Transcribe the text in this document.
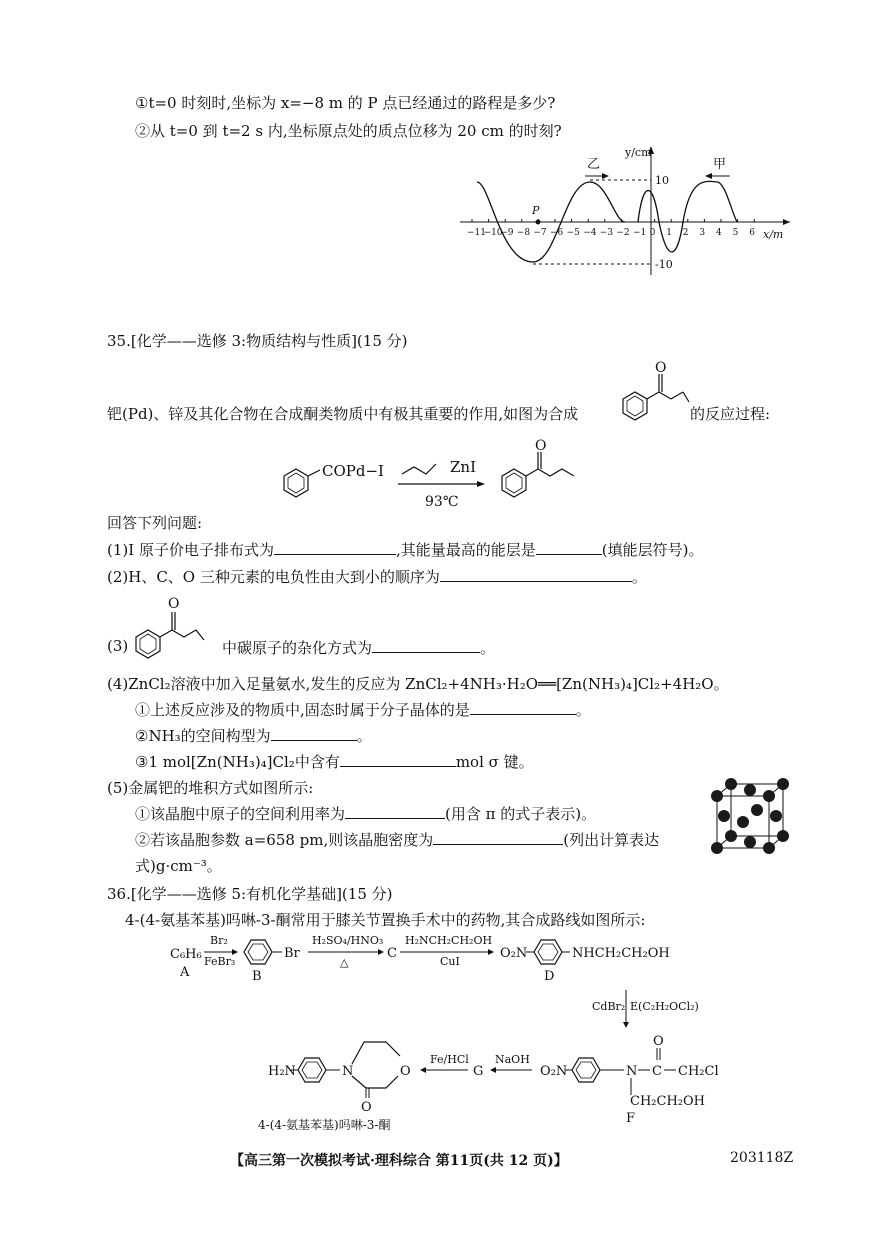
①t=0 时刻时,坐标为 x=−8 m 的 P 点已经通过的路程是多少?
②从 t=0 到 t=2 s 内,坐标原点处的质点位移为 20 cm 的时刻?
−11
−10
−9 −8 −7 −6 −5 −4 −3 −2 −1 0 1 2 3 4 5 6
y/cm
x/m
10
-10
P
乙	甲
35.[化学——选修 3:物质结构与性质](15 分)
钯(Pd)、锌及其化合物在合成酮类物质中有极其重要的作用,如图为合成
O
的反应过程:
COPd−I	ZnI
93℃
O
回答下列问题:
(1)I 原子价电子排布式为	,其能量最高的能层是	(填能层符号)。
(2)H、C、O 三种元素的电负性由大到小的顺序为	。
(3)
O
中碳原子的杂化方式为	。
(4)ZnCl₂溶液中加入足量氨水,发生的反应为 ZnCl₂+4NH₃·H₂O══[Zn(NH₃)₄]Cl₂+4H₂O。
①上述反应涉及的物质中,固态时属于分子晶体的是	。
②NH₃的空间构型为	。
③1 mol[Zn(NH₃)₄]Cl₂中含有	mol σ 键。
(5)金属钯的堆积方式如图所示:
①该晶胞中原子的空间利用率为	(用含 π 的式子表示)。
②若该晶胞参数 a=658 pm,则该晶胞密度为	(列出计算表达
式)g·cm⁻³。
36.[化学——选修 5:有机化学基础](15 分)
4-(4-氨基苯基)吗啉-3-酮常用于膝关节置换手术中的药物,其合成路线如图所示:
C₆H₆
A
Br₂
FeBr₃
Br
B
H₂SO₄/HNO₃
△
C
H₂NCH₂CH₂OH
CuI
O₂N	NHCH₂CH₂OH
D
CdBr₂ E(C₂H₂OCl₂)
O₂N	N C
O
CH₂Cl
CH₂CH₂OH
F
NaOH
G
Fe/HCl
H₂N	N	O
O
4-(4-氨基苯基)吗啉-3-酮
【高三第一次模拟考试·理科综合 第11页(共 12 页)】	203118Z
